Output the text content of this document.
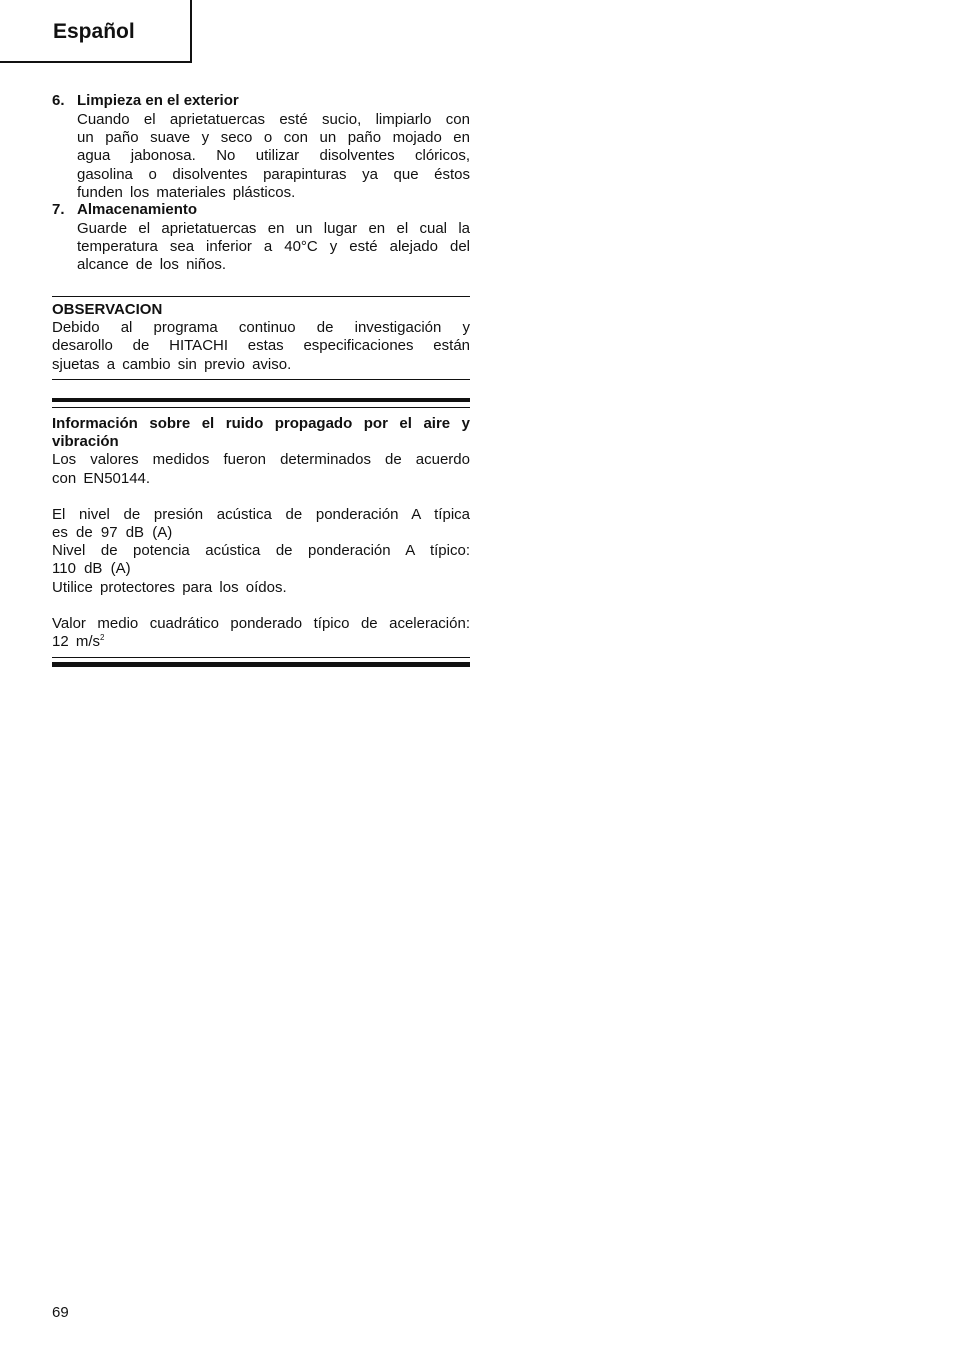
Español
6. Limpieza en el exterior
Cuando el aprietatuercas esté sucio, limpiarlo con
un paño suave y seco o con un paño mojado en
agua jabonosa. No utilizar disolventes clóricos,
gasolina o disolventes parapinturas ya que éstos
funden los materiales plásticos.
7. Almacenamiento
Guarde el aprietatuercas en un lugar en el cual la
temperatura sea inferior a 40°C y esté alejado del
alcance de los niños.
OBSERVACION
Debido al programa continuo de investigación y
desarollo de HITACHI estas especificaciones están
sjuetas a cambio sin previo aviso.
Información sobre el ruido propagado por el aire y
vibración
Los valores medidos fueron determinados de acuerdo
con EN50144.
El nivel de presión acústica de ponderación A típica
es de 97 dB (A)
Nivel de potencia acústica de ponderación A típico:
110 dB (A)
Utilice protectores para los oídos.
Valor medio cuadrático ponderado típico de aceleración:
12 $m/s^2$
69
